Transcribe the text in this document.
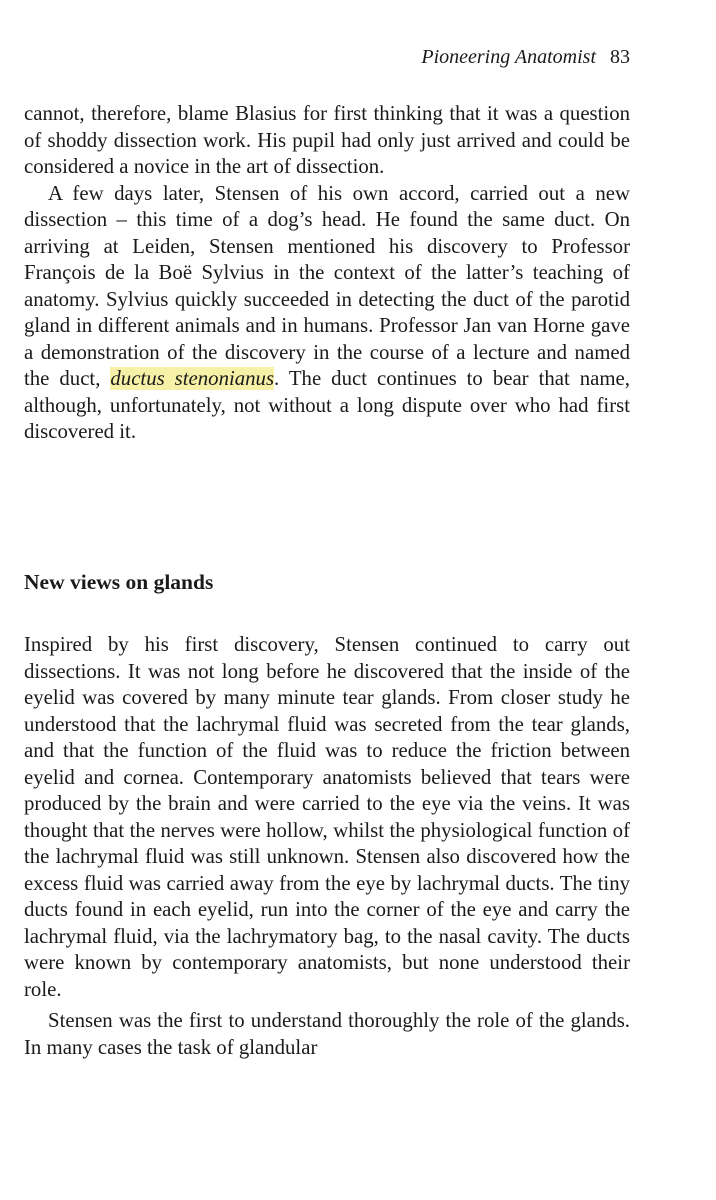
Pioneering Anatomist 83

cannot, therefore, blame Blasius for first thinking that it was a question of shoddy dissection work. His pupil had only just arrived and could be considered a novice in the art of dissection.

A few days later, Stensen of his own accord, carried out a new dissection – this time of a dog’s head. He found the same duct. On arriving at Leiden, Stensen mentioned his discovery to Professor François de la Boë Sylvius in the context of the latter’s teaching of anatomy. Sylvius quickly succeeded in detecting the duct of the parotid gland in different animals and in humans. Professor Jan van Horne gave a demonstration of the discovery in the course of a lecture and named the duct, ductus stenonianus. The duct continues to bear that name, although, unfortunately, not without a long dispute over who had first discovered it.

New views on glands

Inspired by his first discovery, Stensen continued to carry out dissections. It was not long before he discovered that the inside of the eyelid was covered by many minute tear glands. From closer study he understood that the lachrymal fluid was secreted from the tear glands, and that the function of the fluid was to reduce the friction between eyelid and cornea. Contemporary anatomists believed that tears were produced by the brain and were carried to the eye via the veins. It was thought that the nerves were hollow, whilst the physiological function of the lachrymal fluid was still unknown. Stensen also discovered how the excess fluid was carried away from the eye by lachrymal ducts. The tiny ducts found in each eyelid, run into the corner of the eye and carry the lachrymal fluid, via the lachrymatory bag, to the nasal cavity. The ducts were known by contemporary anatomists, but none understood their role.

Stensen was the first to understand thoroughly the role of the glands. In many cases the task of glandular
